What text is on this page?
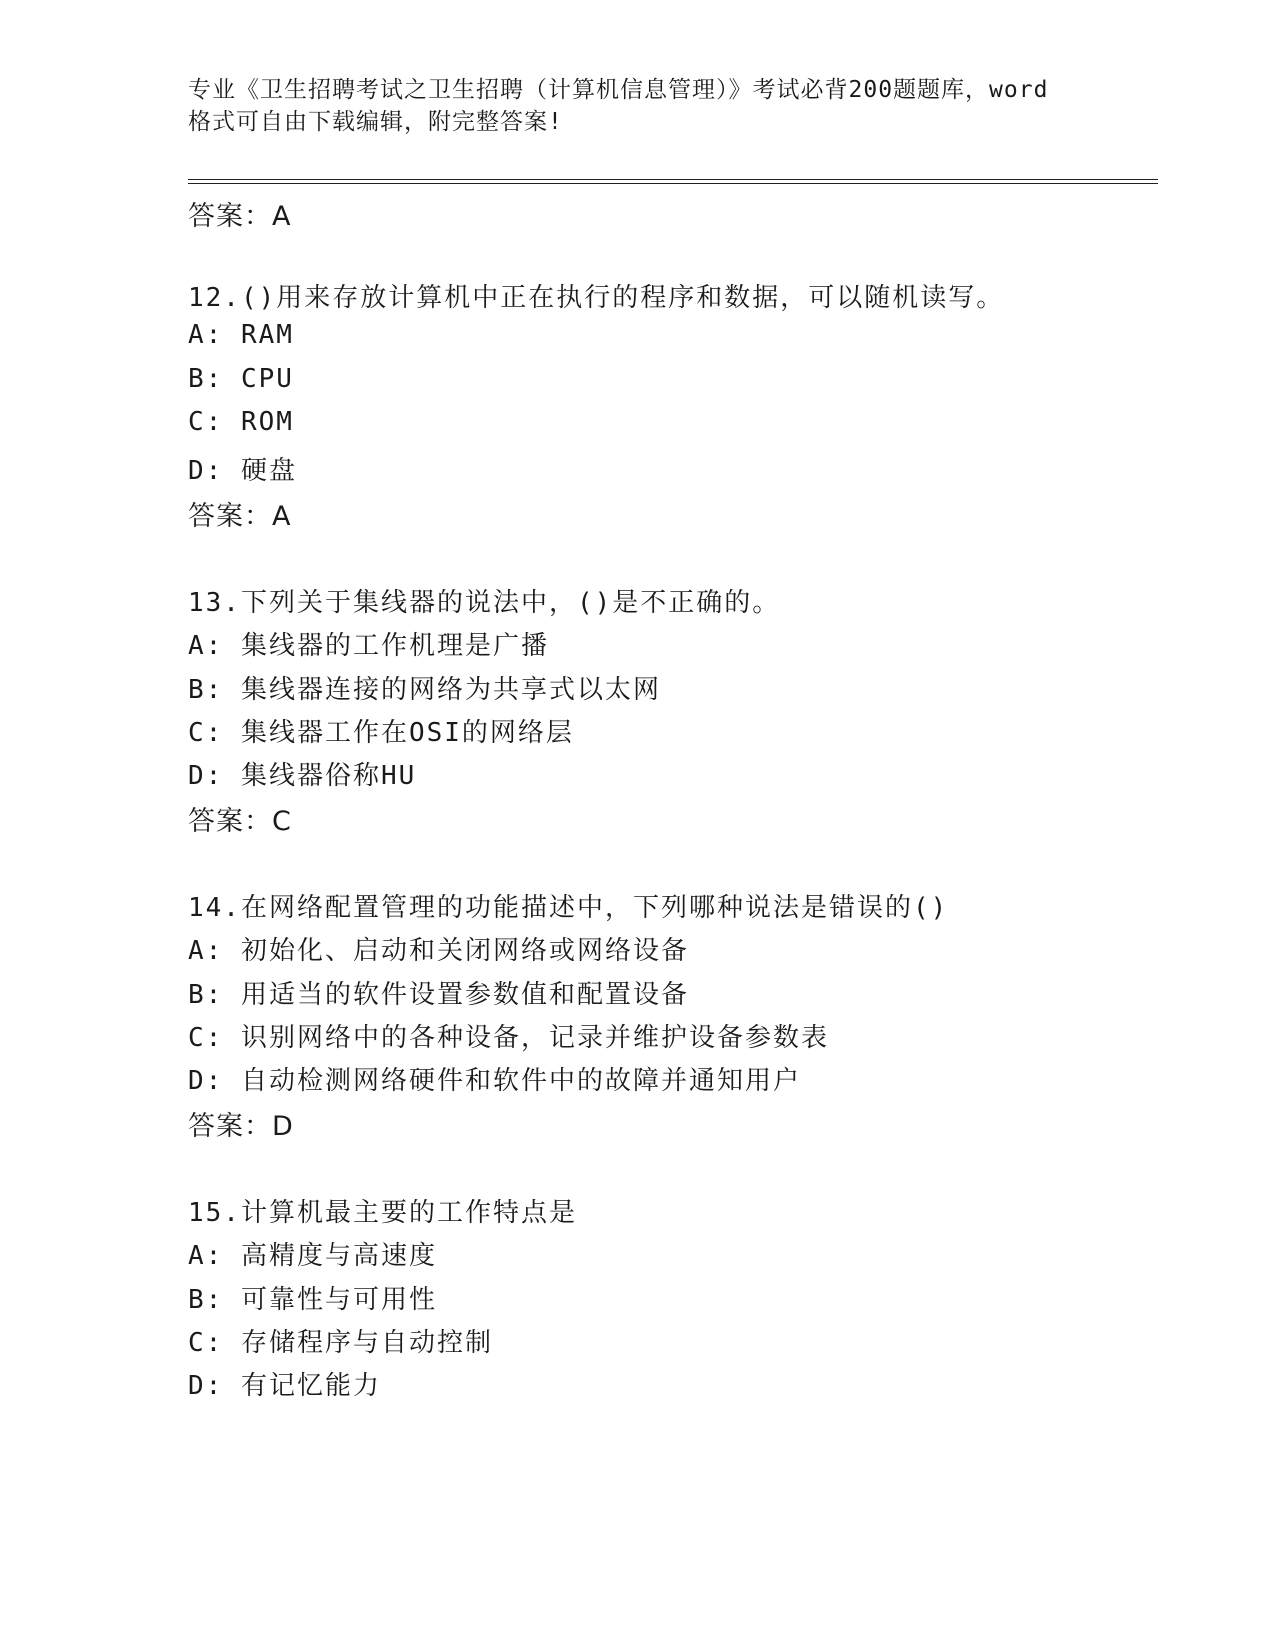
专业《卫生招聘考试之卫生招聘（计算机信息管理）》考试必背200题题库，word
格式可自由下载编辑，附完整答案!
答案：A
12.()用来存放计算机中正在执行的程序和数据，可以随机读写。
A: RAM
B: CPU
C: ROM
D: 硬盘
答案：A
13.下列关于集线器的说法中，()是不正确的。
A: 集线器的工作机理是广播
B: 集线器连接的网络为共享式以太网
C: 集线器工作在OSI的网络层
D: 集线器俗称HU
答案：C
14.在网络配置管理的功能描述中，下列哪种说法是错误的()
A: 初始化、启动和关闭网络或网络设备
B: 用适当的软件设置参数值和配置设备
C: 识别网络中的各种设备，记录并维护设备参数表
D: 自动检测网络硬件和软件中的故障并通知用户
答案：D
15.计算机最主要的工作特点是
A: 高精度与高速度
B: 可靠性与可用性
C: 存储程序与自动控制
D: 有记忆能力
